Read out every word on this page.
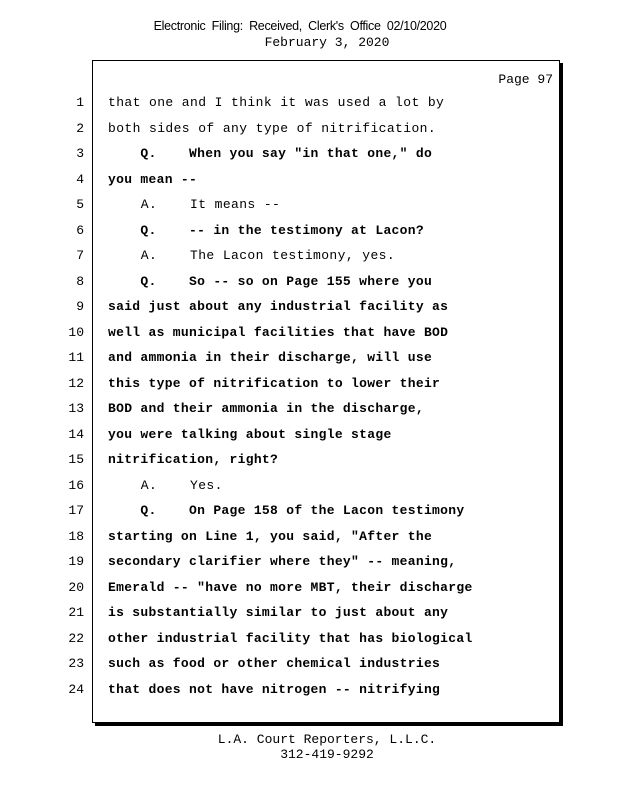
Electronic Filing: Received, Clerk's Office 02/10/2020
February 3, 2020
Page 97
1
2
3
4
5
6
7
8
9
10
11
12
13
14
15
16
17
18
19
20
21
22
23
24
that one and I think it was used a lot by
both sides of any type of nitrification.
Q.    When you say "in that one," do
you mean --
A.    It means --
Q.    -- in the testimony at Lacon?
A.    The Lacon testimony, yes.
Q.    So -- so on Page 155 where you
said just about any industrial facility as
well as municipal facilities that have BOD
and ammonia in their discharge, will use
this type of nitrification to lower their
BOD and their ammonia in the discharge,
you were talking about single stage
nitrification, right?
A.    Yes.
Q.    On Page 158 of the Lacon testimony
starting on Line 1, you said, "After the
secondary clarifier where they" -- meaning,
Emerald -- "have no more MBT, their discharge
is substantially similar to just about any
other industrial facility that has biological
such as food or other chemical industries
that does not have nitrogen -- nitrifying
L.A. Court Reporters, L.L.C.
312-419-9292
